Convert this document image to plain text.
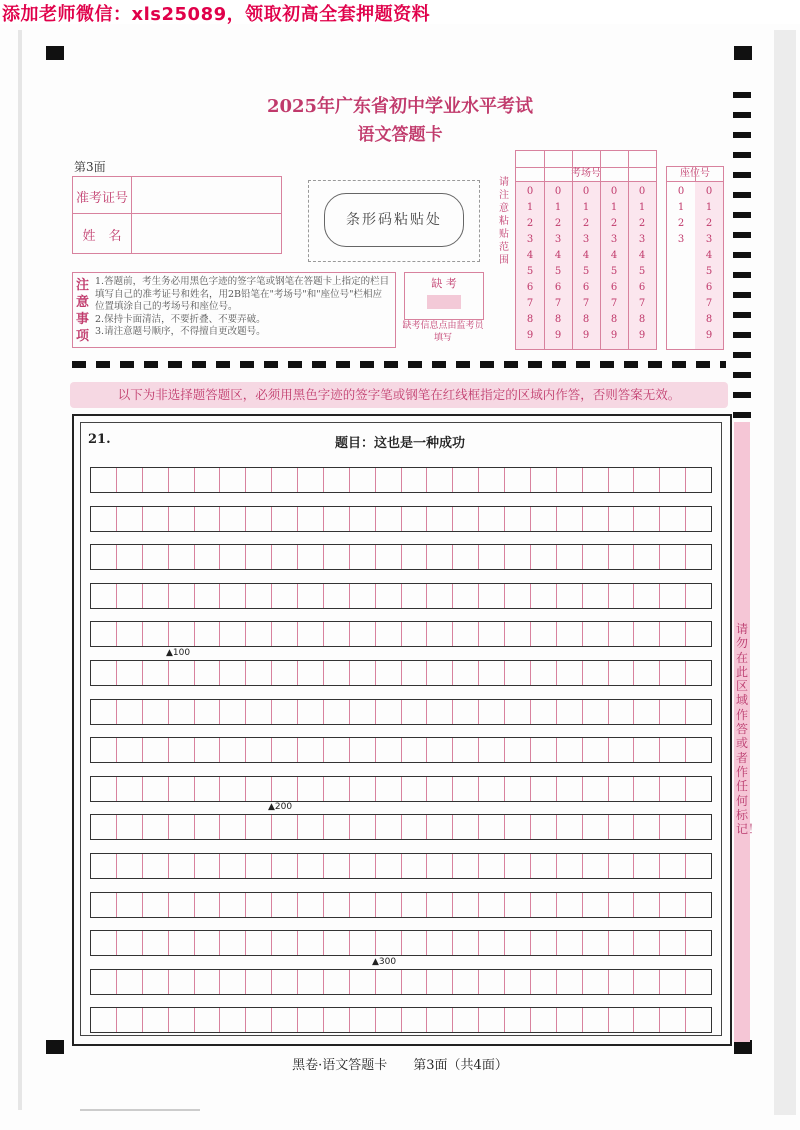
添加老师微信：xls25089，领取初高全套押题资料
2025年广东省初中学业水平考试
语文答题卡
第3面
准考证号
姓　名
条形码粘贴处
请注意粘贴范围
考场号
0
1
2
3
4
5
6
7
8
9
0
1
2
3
4
5
6
7
8
9
0
1
2
3
4
5
6
7
8
9
0
1
2
3
4
5
6
7
8
9
0
1
2
3
4
5
6
7
8
9
座位号
0
1
2
3
0
1
2
3
4
5
6
7
8
9
注意事项
1.答题前，考生务必用黑色字迹的签字笔或钢笔在答题卡上指定的栏目填写自己的准考证号和姓名，用2B铅笔在"考场号"和"座位号"栏相应位置填涂自己的考场号和座位号。
2.保持卡面清洁，不要折叠、不要弄破。
3.请注意题号顺序，不得擅自更改题号。
缺 考
缺考信息点由监考员填写
以下为非选择题答题区，必须用黑色字迹的签字笔或钢笔在红线框指定的区域内作答，否则答案无效。
21.	题目：这也是一种成功
请勿在此区域作答或者作任何标记！
▲100
▲200
▲300
黑卷·语文答题卡　　第3面（共4面）
